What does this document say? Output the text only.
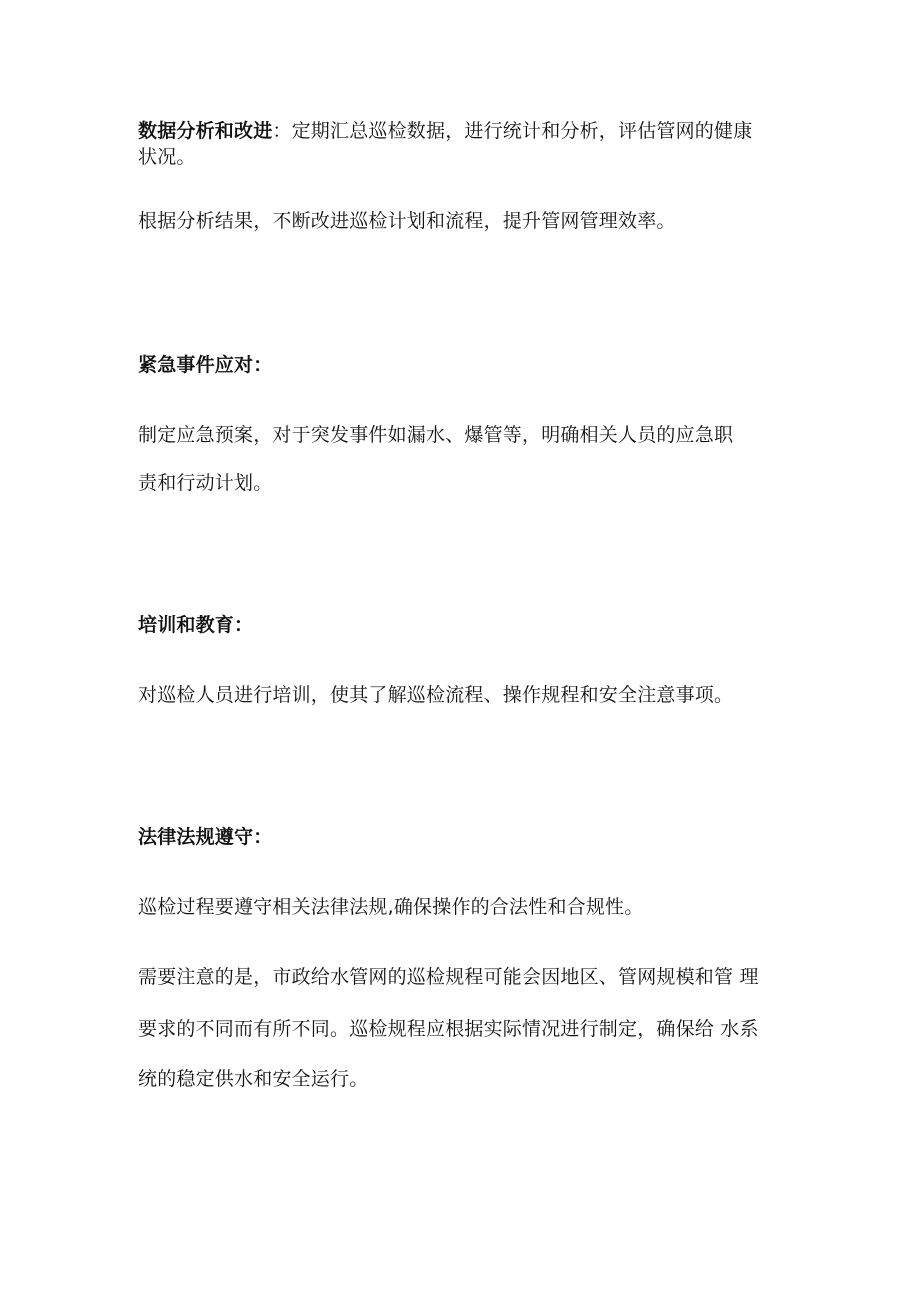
数据分析和改进：定期汇总巡检数据，进行统计和分析，评估管网的健康
状况。
根据分析结果，不断改进巡检计划和流程，提升管网管理效率。
紧急事件应对：
制定应急预案，对于突发事件如漏水、爆管等，明确相关人员的应急职
责和行动计划。
培训和教育：
对巡检人员进行培训，使其了解巡检流程、操作规程和安全注意事项。
法律法规遵守：
巡检过程要遵守相关法律法规,确保操作的合法性和合规性。
需要注意的是，市政给水管网的巡检规程可能会因地区、管网规模和管 理
要求的不同而有所不同。巡检规程应根据实际情况进行制定，确保给 水系
统的稳定供水和安全运行。
